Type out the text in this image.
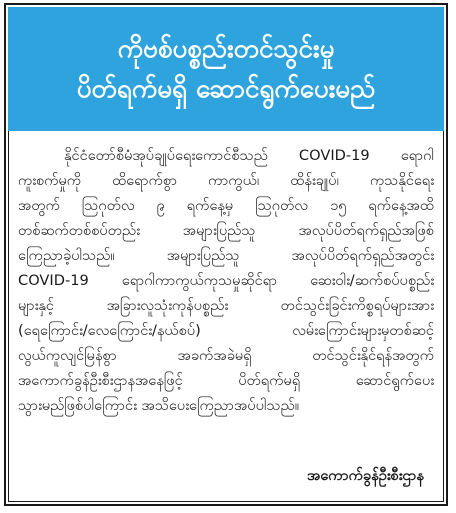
ကိုဗစ်ပစ္စည်းတင်သွင်းမှု
ပိတ်ရက်မရှိ ဆောင်ရွက်ပေးမည်
နိုင်ငံတော်စီမံအုပ်ချုပ်ရေးကောင်စီသည် COVID-19 ရောဂါ
ကူးစက်မှုကို ထိရောက်စွာ ကာကွယ်၊ ထိန်းချုပ်၊ ကုသနိုင်ရေး
အတွက် ဩဂုတ်လ ၉ ရက်နေ့မှ ဩဂုတ်လ ၁၅ ရက်နေ့အထိ
တစ်ဆက်တစ်စပ်တည်း အများပြည်သူ အလုပ်ပိတ်ရက်ရှည်အဖြစ်
ကြေညာခဲ့ပါသည်။ အများပြည်သူ အလုပ်ပိတ်ရက်ရှည်အတွင်း
COVID-19 ရောဂါကာကွယ်ကုသမှုဆိုင်ရာ ဆေးဝါး/ဆက်စပ်ပစ္စည်း
များနှင့် အခြားလူသုံးကုန်ပစ္စည်း တင်သွင်းခြင်းကိစ္စရပ်များအား
(ရေကြောင်း/လေကြောင်း/နယ်စပ်) လမ်းကြောင်းများမှတစ်ဆင့်
လွယ်ကူလျင်မြန်စွာ အခက်အခဲမရှိ တင်သွင်းနိုင်ရန်အတွက်
အကောက်ခွန်ဦးစီးဌာနအနေဖြင့် ပိတ်ရက်မရှိ ဆောင်ရွက်ပေး
သွားမည်ဖြစ်ပါကြောင်း အသိပေးကြေညာအပ်ပါသည်။
အကောက်ခွန်ဦးစီးဌာန
